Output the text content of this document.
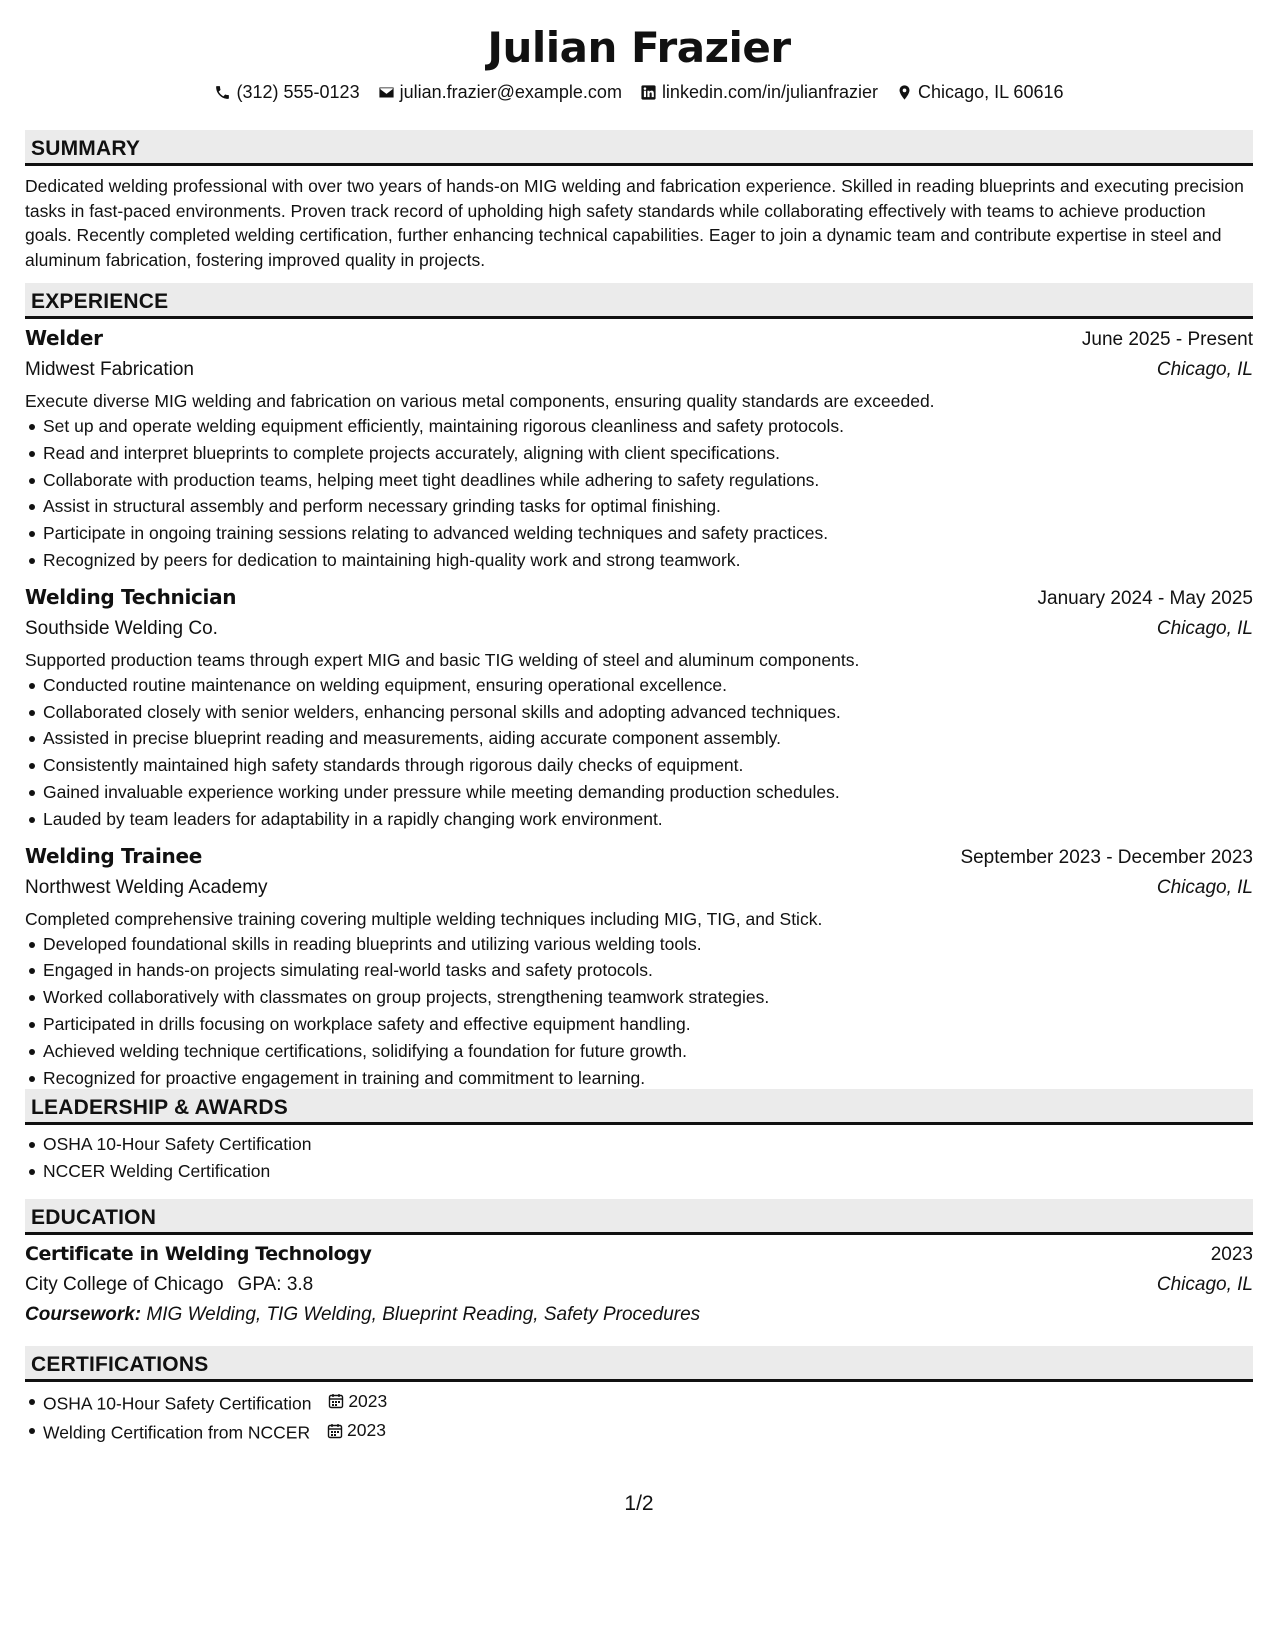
Julian Frazier
(312) 555-0123 julian.frazier@example.com linkedin.com/in/julianfrazier Chicago, IL 60616
SUMMARY
Dedicated welding professional with over two years of hands-on MIG welding and fabrication experience. Skilled in reading blueprints and executing precision tasks in fast-paced environments. Proven track record of upholding high safety standards while collaborating effectively with teams to achieve production goals. Recently completed welding certification, further enhancing technical capabilities. Eager to join a dynamic team and contribute expertise in steel and aluminum fabrication, fostering improved quality in projects.
EXPERIENCE
Welder	June 2025 - Present
Midwest Fabrication	Chicago, IL
Execute diverse MIG welding and fabrication on various metal components, ensuring quality standards are exceeded.
Set up and operate welding equipment efficiently, maintaining rigorous cleanliness and safety protocols.
Read and interpret blueprints to complete projects accurately, aligning with client specifications.
Collaborate with production teams, helping meet tight deadlines while adhering to safety regulations.
Assist in structural assembly and perform necessary grinding tasks for optimal finishing.
Participate in ongoing training sessions relating to advanced welding techniques and safety practices.
Recognized by peers for dedication to maintaining high-quality work and strong teamwork.
Welding Technician	January 2024 - May 2025
Southside Welding Co.	Chicago, IL
Supported production teams through expert MIG and basic TIG welding of steel and aluminum components.
Conducted routine maintenance on welding equipment, ensuring operational excellence.
Collaborated closely with senior welders, enhancing personal skills and adopting advanced techniques.
Assisted in precise blueprint reading and measurements, aiding accurate component assembly.
Consistently maintained high safety standards through rigorous daily checks of equipment.
Gained invaluable experience working under pressure while meeting demanding production schedules.
Lauded by team leaders for adaptability in a rapidly changing work environment.
Welding Trainee	September 2023 - December 2023
Northwest Welding Academy	Chicago, IL
Completed comprehensive training covering multiple welding techniques including MIG, TIG, and Stick.
Developed foundational skills in reading blueprints and utilizing various welding tools.
Engaged in hands-on projects simulating real-world tasks and safety protocols.
Worked collaboratively with classmates on group projects, strengthening teamwork strategies.
Participated in drills focusing on workplace safety and effective equipment handling.
Achieved welding technique certifications, solidifying a foundation for future growth.
Recognized for proactive engagement in training and commitment to learning.
LEADERSHIP & AWARDS
OSHA 10-Hour Safety Certification
NCCER Welding Certification
EDUCATION
Certificate in Welding Technology	2023
City College of Chicago GPA: 3.8	Chicago, IL
Coursework: MIG Welding, TIG Welding, Blueprint Reading, Safety Procedures
CERTIFICATIONS
OSHA 10-Hour Safety Certification 2023
Welding Certification from NCCER 2023
1/2
